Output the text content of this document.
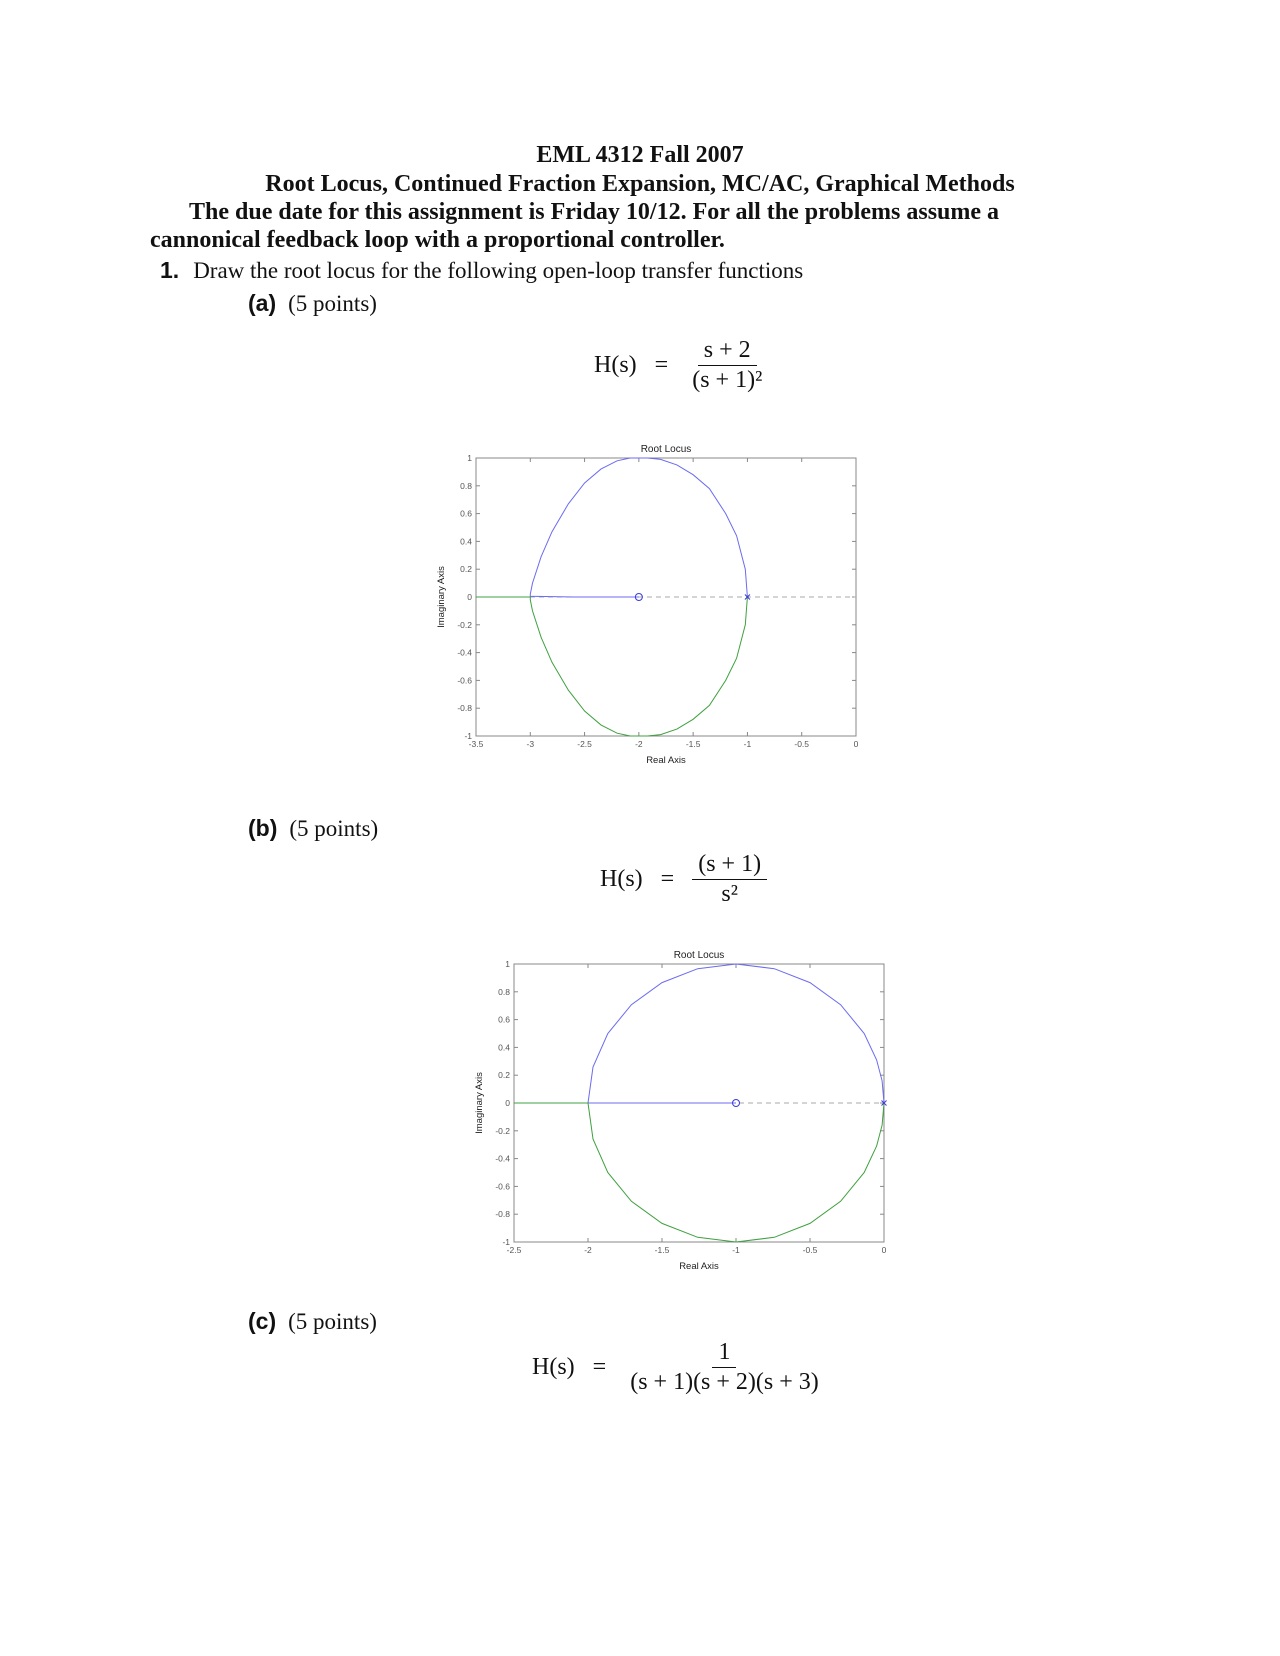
EML 4312 Fall 2007
Root Locus, Continued Fraction Expansion, MC/AC, Graphical Methods
The due date for this assignment is Friday 10/12. For all the problems assume a
cannonical feedback loop with a proportional controller.
1. Draw the root locus for the following open-loop transfer functions
(a) (5 points)
$H(s) = \frac{s + 2}{\text{(s + 1)²}}$
Root Locus
-3.5	-3	-2.5	-2	-1.5	-1	-0.5	0
1
0.8
0.6
0.4
0.2
0
-0.2
-0.4
-0.6
-0.8
-1
Real Axis
Imaginary Axis
(b) (5 points)
$H(s) = \frac{(s + 1)}{\text{s²}}$
Root Locus
-2.5	-2	-1.5	-1	-0.5	0
1
0.8
0.6
0.4
0.2
0
-0.2
-0.4
-0.6
-0.8
-1
Real Axis
Imaginary Axis
(c) (5 points)
$H(s) = \frac{1}{(s + 1)(s + 2)(s + 3)}$
